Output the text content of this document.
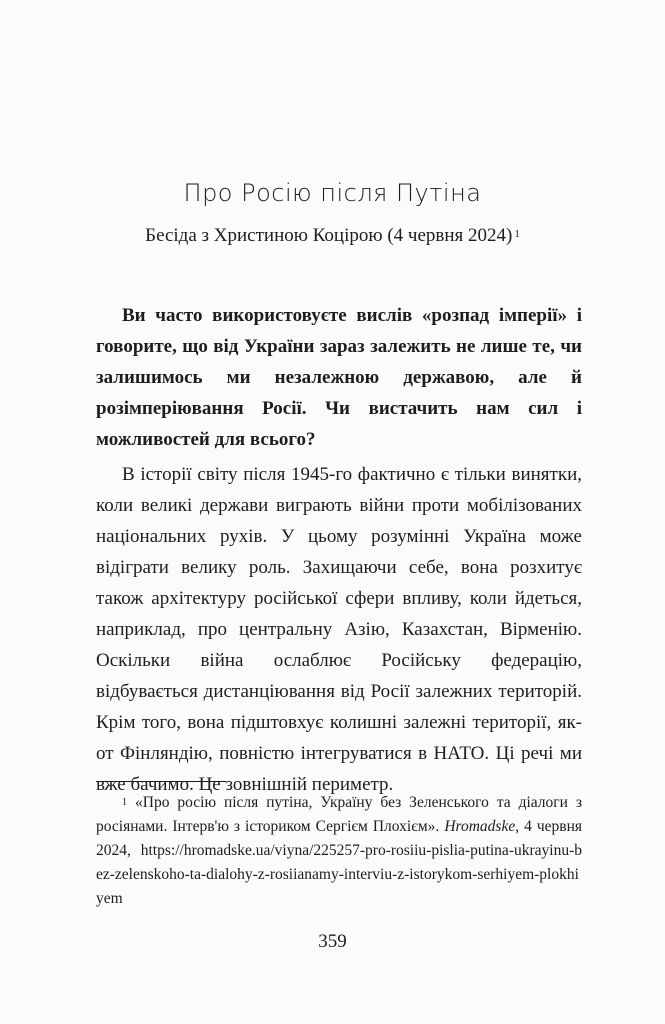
Про Росію після Путіна

Бесіда з Христиною Коцірою (4 червня 2024) $^1$

Ви часто використовуєте вислів «розпад імперії» і говорите, що від України зараз залежить не лише те, чи залишимось ми незалежною державою, але й розімперіювання Росії. Чи вистачить нам сил і можливостей для всього?

В історії світу після 1945-го фактично є тільки винятки, коли великі держави виграють війни проти мобілізованих національних рухів. У цьому розумінні Україна може відіграти велику роль. Захищаючи себе, вона розхитує також архітектуру російської сфери впливу, коли йдеться, наприклад, про центральну Азію, Казахстан, Вірменію. Оскільки війна ослаблює Російську федерацію, відбувається дистанціювання від Росії залежних територій. Крім того, вона підштовхує колишні залежні території, як-от Фінляндію, повністю інтегруватися в НАТО. Ці речі ми вже бачимо. Це зовнішній периметр.

$^1$ «Про росію після путіна, Україну без Зеленського та діалоги з росіянами. Інтерв'ю з істориком Сергієм Плохієм». Hromadske, 4 червня 2024, https://hromadske.ua/viyna/225257-pro-rosiiu-pislia-putina-ukrayinu-bez-zelenskoho-ta-dialohy-z-rosiianamy-interviu-z-istorykom-serhiyem-plokhiyem

359
